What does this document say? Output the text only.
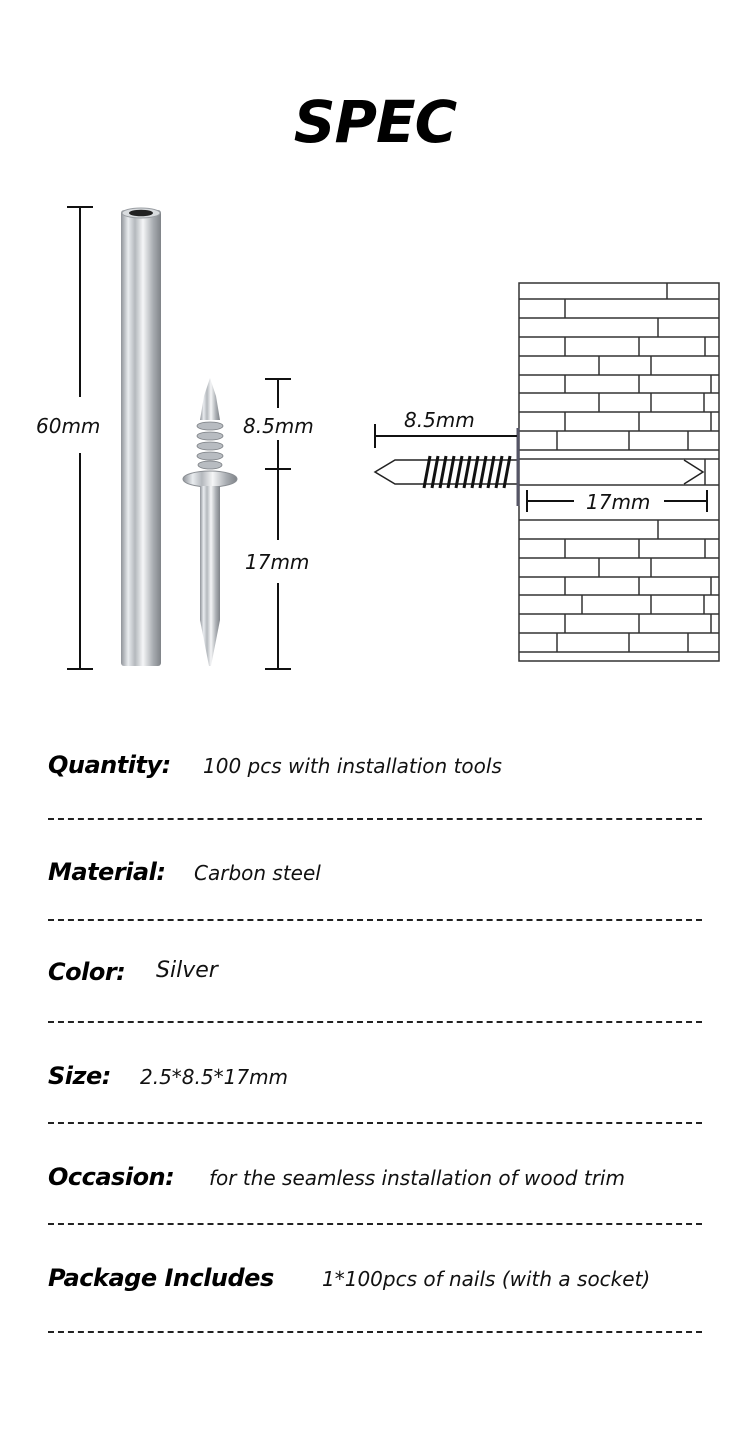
SPEC
60mm	8.5mm
17mm
8.5mm
17mm
Quantity: 100 pcs with installation tools
Material: Carbon steel
Color: Silver
Size: 2.5*8.5*17mm
Occasion: for the seamless installation of wood trim
Package Includes 1*100pcs of nails (with a socket)
